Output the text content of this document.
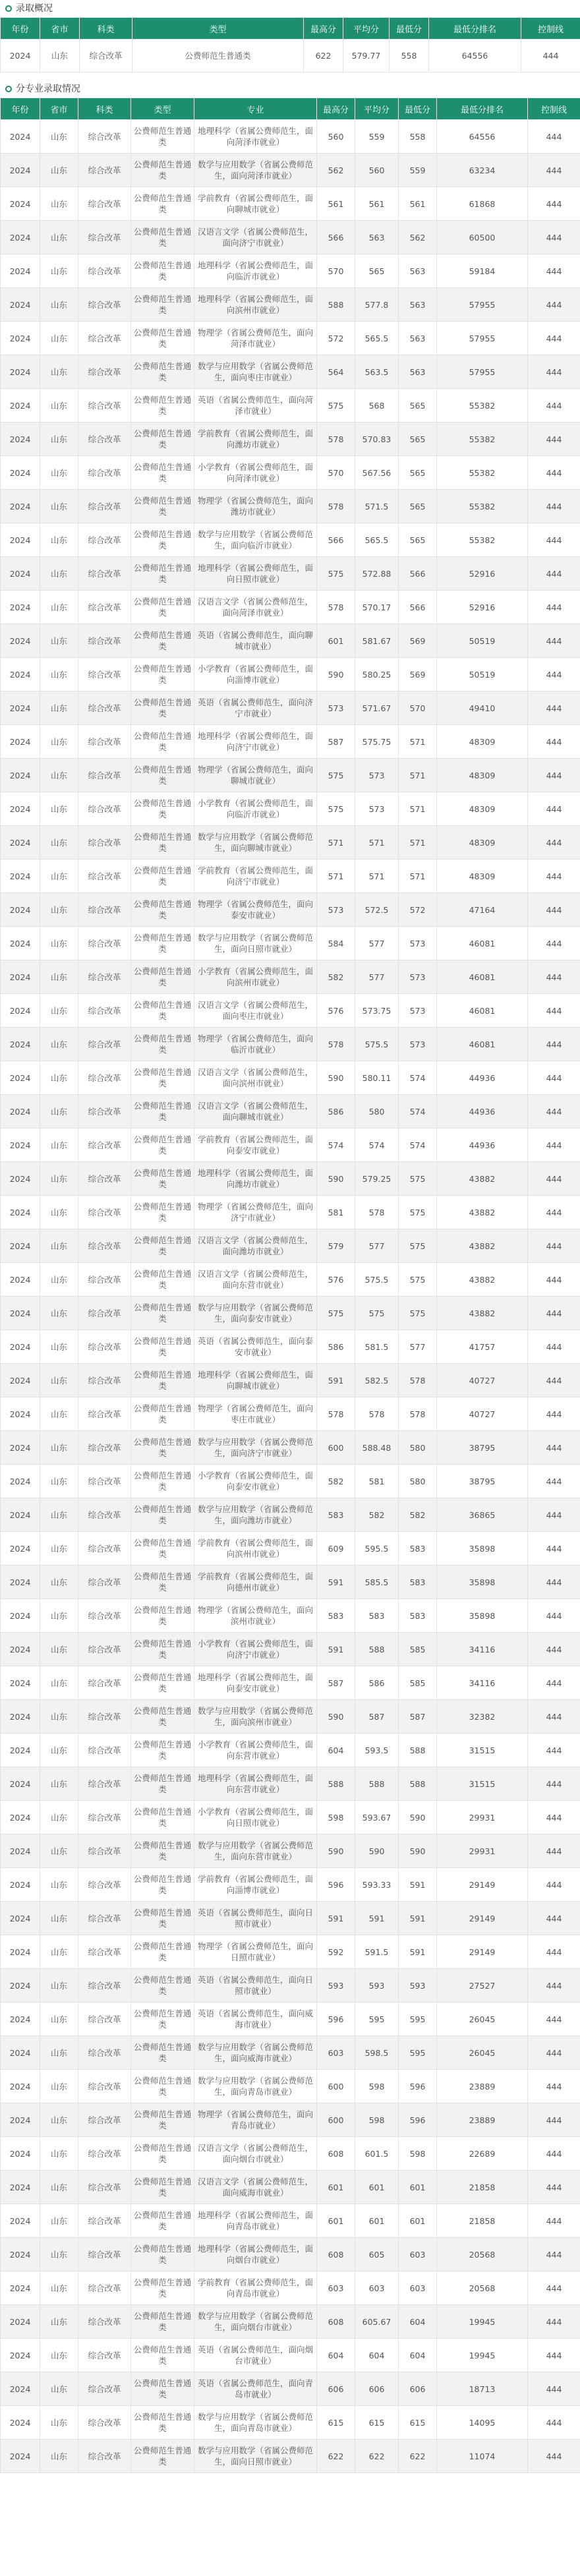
录取概况
年份	省市	科类	类型	最高分	平均分	最低分	最低分排名	控制线
2024	山东	综合改革	公费师范生普通类	622	579.77	558	64556	444
分专业录取情况
年份	省市	科类	类型	专业	最高分	平均分	最低分	最低分排名	控制线
2024	山东	综合改革	公费师范生普通类	地理科学（省属公费师范生，面向菏泽市就业）	560	559	558	64556	444
2024	山东	综合改革	公费师范生普通类	数学与应用数学（省属公费师范生，面向菏泽市就业）	562	560	559	63234	444
2024	山东	综合改革	公费师范生普通类	学前教育（省属公费师范生，面向聊城市就业）	561	561	561	61868	444
2024	山东	综合改革	公费师范生普通类	汉语言文学（省属公费师范生，面向济宁市就业）	566	563	562	60500	444
2024	山东	综合改革	公费师范生普通类	地理科学（省属公费师范生，面向临沂市就业）	570	565	563	59184	444
2024	山东	综合改革	公费师范生普通类	地理科学（省属公费师范生，面向滨州市就业）	588	577.8	563	57955	444
2024	山东	综合改革	公费师范生普通类	物理学（省属公费师范生，面向菏泽市就业）	572	565.5	563	57955	444
2024	山东	综合改革	公费师范生普通类	数学与应用数学（省属公费师范生，面向枣庄市就业）	564	563.5	563	57955	444
2024	山东	综合改革	公费师范生普通类	英语（省属公费师范生，面向菏泽市就业）	575	568	565	55382	444
2024	山东	综合改革	公费师范生普通类	学前教育（省属公费师范生，面向潍坊市就业）	578	570.83	565	55382	444
2024	山东	综合改革	公费师范生普通类	小学教育（省属公费师范生，面向菏泽市就业）	570	567.56	565	55382	444
2024	山东	综合改革	公费师范生普通类	物理学（省属公费师范生，面向潍坊市就业）	578	571.5	565	55382	444
2024	山东	综合改革	公费师范生普通类	数学与应用数学（省属公费师范生，面向临沂市就业）	566	565.5	565	55382	444
2024	山东	综合改革	公费师范生普通类	地理科学（省属公费师范生，面向日照市就业）	575	572.88	566	52916	444
2024	山东	综合改革	公费师范生普通类	汉语言文学（省属公费师范生，面向菏泽市就业）	578	570.17	566	52916	444
2024	山东	综合改革	公费师范生普通类	英语（省属公费师范生，面向聊城市就业）	601	581.67	569	50519	444
2024	山东	综合改革	公费师范生普通类	小学教育（省属公费师范生，面向淄博市就业）	590	580.25	569	50519	444
2024	山东	综合改革	公费师范生普通类	英语（省属公费师范生，面向济宁市就业）	573	571.67	570	49410	444
2024	山东	综合改革	公费师范生普通类	地理科学（省属公费师范生，面向济宁市就业）	587	575.75	571	48309	444
2024	山东	综合改革	公费师范生普通类	物理学（省属公费师范生，面向聊城市就业）	575	573	571	48309	444
2024	山东	综合改革	公费师范生普通类	小学教育（省属公费师范生，面向临沂市就业）	575	573	571	48309	444
2024	山东	综合改革	公费师范生普通类	数学与应用数学（省属公费师范生，面向聊城市就业）	571	571	571	48309	444
2024	山东	综合改革	公费师范生普通类	学前教育（省属公费师范生，面向济宁市就业）	571	571	571	48309	444
2024	山东	综合改革	公费师范生普通类	物理学（省属公费师范生，面向泰安市就业）	573	572.5	572	47164	444
2024	山东	综合改革	公费师范生普通类	数学与应用数学（省属公费师范生，面向日照市就业）	584	577	573	46081	444
2024	山东	综合改革	公费师范生普通类	小学教育（省属公费师范生，面向滨州市就业）	582	577	573	46081	444
2024	山东	综合改革	公费师范生普通类	汉语言文学（省属公费师范生，面向枣庄市就业）	576	573.75	573	46081	444
2024	山东	综合改革	公费师范生普通类	物理学（省属公费师范生，面向临沂市就业）	578	575.5	573	46081	444
2024	山东	综合改革	公费师范生普通类	汉语言文学（省属公费师范生，面向滨州市就业）	590	580.11	574	44936	444
2024	山东	综合改革	公费师范生普通类	汉语言文学（省属公费师范生，面向聊城市就业）	586	580	574	44936	444
2024	山东	综合改革	公费师范生普通类	学前教育（省属公费师范生，面向泰安市就业）	574	574	574	44936	444
2024	山东	综合改革	公费师范生普通类	地理科学（省属公费师范生，面向潍坊市就业）	590	579.25	575	43882	444
2024	山东	综合改革	公费师范生普通类	物理学（省属公费师范生，面向济宁市就业）	581	578	575	43882	444
2024	山东	综合改革	公费师范生普通类	汉语言文学（省属公费师范生，面向潍坊市就业）	579	577	575	43882	444
2024	山东	综合改革	公费师范生普通类	汉语言文学（省属公费师范生，面向东营市就业）	576	575.5	575	43882	444
2024	山东	综合改革	公费师范生普通类	数学与应用数学（省属公费师范生，面向泰安市就业）	575	575	575	43882	444
2024	山东	综合改革	公费师范生普通类	英语（省属公费师范生，面向泰安市就业）	586	581.5	577	41757	444
2024	山东	综合改革	公费师范生普通类	地理科学（省属公费师范生，面向聊城市就业）	591	582.5	578	40727	444
2024	山东	综合改革	公费师范生普通类	物理学（省属公费师范生，面向枣庄市就业）	578	578	578	40727	444
2024	山东	综合改革	公费师范生普通类	数学与应用数学（省属公费师范生，面向济宁市就业）	600	588.48	580	38795	444
2024	山东	综合改革	公费师范生普通类	小学教育（省属公费师范生，面向泰安市就业）	582	581	580	38795	444
2024	山东	综合改革	公费师范生普通类	数学与应用数学（省属公费师范生，面向潍坊市就业）	583	582	582	36865	444
2024	山东	综合改革	公费师范生普通类	学前教育（省属公费师范生，面向滨州市就业）	609	595.5	583	35898	444
2024	山东	综合改革	公费师范生普通类	学前教育（省属公费师范生，面向德州市就业）	591	585.5	583	35898	444
2024	山东	综合改革	公费师范生普通类	物理学（省属公费师范生，面向滨州市就业）	583	583	583	35898	444
2024	山东	综合改革	公费师范生普通类	小学教育（省属公费师范生，面向济宁市就业）	591	588	585	34116	444
2024	山东	综合改革	公费师范生普通类	地理科学（省属公费师范生，面向泰安市就业）	587	586	585	34116	444
2024	山东	综合改革	公费师范生普通类	数学与应用数学（省属公费师范生，面向滨州市就业）	590	587	587	32382	444
2024	山东	综合改革	公费师范生普通类	小学教育（省属公费师范生，面向东营市就业）	604	593.5	588	31515	444
2024	山东	综合改革	公费师范生普通类	地理科学（省属公费师范生，面向东营市就业）	588	588	588	31515	444
2024	山东	综合改革	公费师范生普通类	小学教育（省属公费师范生，面向日照市就业）	598	593.67	590	29931	444
2024	山东	综合改革	公费师范生普通类	数学与应用数学（省属公费师范生，面向东营市就业）	590	590	590	29931	444
2024	山东	综合改革	公费师范生普通类	学前教育（省属公费师范生，面向淄博市就业）	596	593.33	591	29149	444
2024	山东	综合改革	公费师范生普通类	英语（省属公费师范生，面向日照市就业）	591	591	591	29149	444
2024	山东	综合改革	公费师范生普通类	物理学（省属公费师范生，面向日照市就业）	592	591.5	591	29149	444
2024	山东	综合改革	公费师范生普通类	英语（省属公费师范生，面向日照市就业）	593	593	593	27527	444
2024	山东	综合改革	公费师范生普通类	英语（省属公费师范生，面向威海市就业）	596	595	595	26045	444
2024	山东	综合改革	公费师范生普通类	数学与应用数学（省属公费师范生，面向威海市就业）	603	598.5	595	26045	444
2024	山东	综合改革	公费师范生普通类	数学与应用数学（省属公费师范生，面向青岛市就业）	600	598	596	23889	444
2024	山东	综合改革	公费师范生普通类	物理学（省属公费师范生，面向青岛市就业）	600	598	596	23889	444
2024	山东	综合改革	公费师范生普通类	汉语言文学（省属公费师范生，面向烟台市就业）	608	601.5	598	22689	444
2024	山东	综合改革	公费师范生普通类	汉语言文学（省属公费师范生，面向威海市就业）	601	601	601	21858	444
2024	山东	综合改革	公费师范生普通类	地理科学（省属公费师范生，面向青岛市就业）	601	601	601	21858	444
2024	山东	综合改革	公费师范生普通类	地理科学（省属公费师范生，面向烟台市就业）	608	605	603	20568	444
2024	山东	综合改革	公费师范生普通类	学前教育（省属公费师范生，面向青岛市就业）	603	603	603	20568	444
2024	山东	综合改革	公费师范生普通类	数学与应用数学（省属公费师范生，面向烟台市就业）	608	605.67	604	19945	444
2024	山东	综合改革	公费师范生普通类	英语（省属公费师范生，面向烟台市就业）	604	604	604	19945	444
2024	山东	综合改革	公费师范生普通类	英语（省属公费师范生，面向青岛市就业）	606	606	606	18713	444
2024	山东	综合改革	公费师范生普通类	数学与应用数学（省属公费师范生，面向青岛市就业）	615	615	615	14095	444
2024	山东	综合改革	公费师范生普通类	数学与应用数学（省属公费师范生，面向日照市就业）	622	622	622	11074	444
